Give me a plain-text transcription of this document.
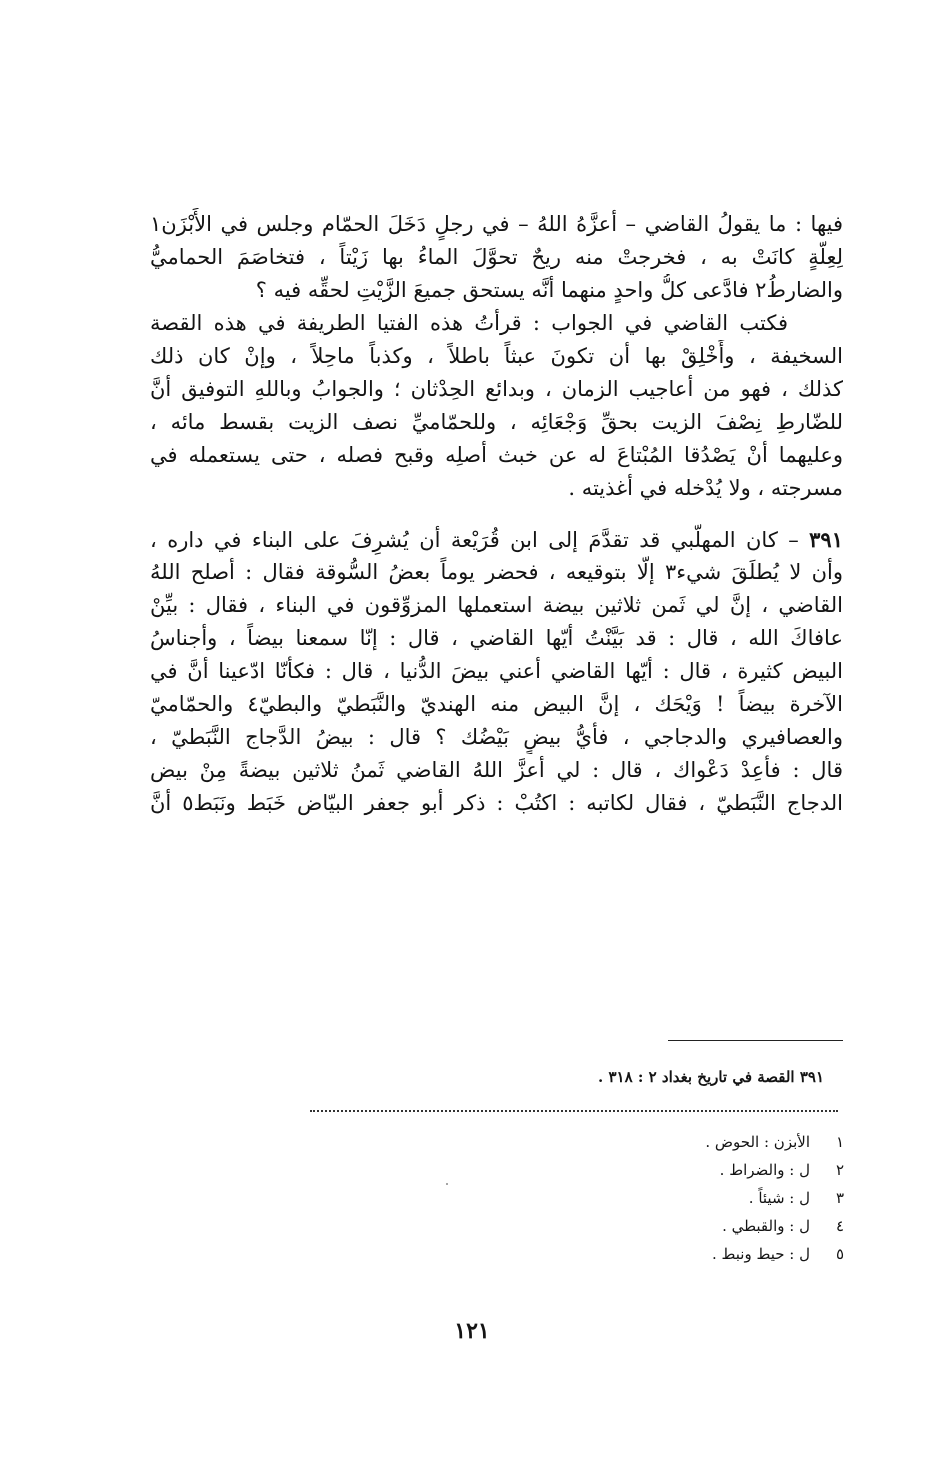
فيها : ما يقولُ القاضي – أعزَّهُ اللهُ – في رجلٍ دَخَلَ الحمّام وجلس في الأَبْزَن١
لِعِلَّةٍ كانَتْ به ، فخرجتْ منه ريحٌ تحوَّلَ الماءُ بها زَيْتاً ، فتخاصَمَ الحماميُّ
والضارطُ٢ فادَّعى كلُّ واحدٍ منهما أنَّه يستحق جميعَ الزَّيْتِ لحقِّه فيه ؟
فكتب القاضي في الجواب : قرأتُ هذه الفتيا الطريفة في هذه القصة
السخيفة ، وأَخْلِقْ بها أن تكونَ عبثاً باطلاً ، وكذباً ماحِلاً ، وإنْ كان ذلك
كذلك ، فهو من أعاجيب الزمان ، وبدائع الحِدْثان ؛ والجوابُ وباللهِ التوفيق أنَّ
للضّارطِ نِصْفَ الزيت بحقِّ وَجْعَائِه ، وللحمّاميِّ نصف الزيت بقسط مائه ،
وعليهما أنْ يَصْدُقا المُبْتاعَ له عن خبث أصلِه وقبح فصله ، حتى يستعمله في
مسرجته ، ولا يُدْخله في أغذيته .
٣٩١ – كان المهلّبي قد تقدَّمَ إلى ابن قُرَيْعة أن يُشرِفَ على البناء في داره ،
وأن لا يُطلَقَ شيء٣ إلّا بتوقيعه ، فحضر يوماً بعضُ السُّوقة فقال : أصلح اللهُ
القاضي ، إنَّ لي ثَمن ثلاثين بيضة استعملها المزوِّقون في البناء ، فقال : بيِّنْ
عافاكَ الله ، قال : قد بَيَّنْتُ أيّها القاضي ، قال : إنّا سمعنا بيضاً ، وأجناسُ
البيض كثيرة ، قال : أيّها القاضي أعني بيضَ الدُّنيا ، قال : فكأنّا ادّعينا أنَّ في
الآخرة بيضاً ! وَيْحَك ، إنَّ البيض منه الهنديّ والنَّبَطيّ والبطيّ٤ والحمّاميّ
والعصافيري والدجاجي ، فأيُّ بيضٍ بَيْضُك ؟ قال : بيضُ الدَّجاج النَّبَطيّ ،
قال : فأعِدْ دَعْواك ، قال : لي أعزَّ اللهُ القاضي ثَمنُ ثلاثين بيضةً مِنْ بيض
الدجاج النَّبَطيّ ، فقال لكاتبه : اكتُبْ : ذكر أبو جعفر البيّاض خَبَط ونَبَط٥ أنَّ
٣٩١ القصة في تاريخ بغداد ٢ : ٣١٨ .
١
الأبزن : الحوض .
٢
ل : والضراط .
٣
ل : شيئاً .
٤
ل : والقبطي .
٥
ل : حيط ونبط .
١٢١
